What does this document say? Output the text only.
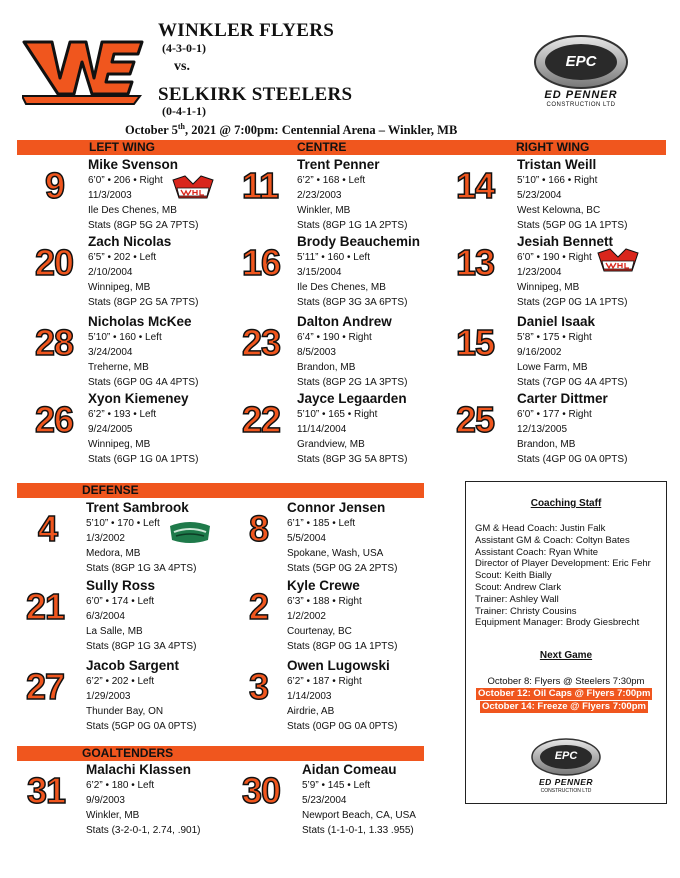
WINKLER FLYERS
(4-3-0-1)
vs.
SELKIRK STEELERS
(0-4-1-1)
EPC
ED PENNER
CONSTRUCTION LTD
October 5th, 2021 @ 7:00pm: Centennial Arena – Winkler, MB
LEFT WING	CENTRE	RIGHT WING
9
Mike Svenson
6’0” • 206 • Right
11/3/2003
Ile Des Chenes, MB
Stats (8GP 5G 2A 7PTS)
11
Trent Penner
6’2” • 168 • Left
2/23/2003
Winkler, MB
Stats (8GP 1G 1A 2PTS)
14
Tristan Weill
5’10” • 166 • Right
5/23/2004
West Kelowna, BC
Stats (5GP 0G 1A 1PTS)
20
Zach Nicolas
6’5” • 202 • Left
2/10/2004
Winnipeg, MB
Stats (8GP 2G 5A 7PTS)
16
Brody Beauchemin
5’11” • 160 • Left
3/15/2004
Ile Des Chenes, MB
Stats (8GP 3G 3A 6PTS)
13
Jesiah Bennett
6’0” • 190 • Right
1/23/2004
Winnipeg, MB
Stats (2GP 0G 1A 1PTS)
28
Nicholas McKee
5’10” • 160 • Left
3/24/2004
Treherne, MB
Stats (6GP 0G 4A 4PTS)
23
Dalton Andrew
6’4” • 190 • Right
8/5/2003
Brandon, MB
Stats (8GP 2G 1A 3PTS)
15
Daniel Isaak
5’8” • 175 • Right
9/16/2002
Lowe Farm, MB
Stats (7GP 0G 4A 4PTS)
26
Xyon Kiemeney
6’2” • 193 • Left
9/24/2005
Winnipeg, MB
Stats (6GP 1G 0A 1PTS)
22
Jayce Legaarden
5’10” • 165 • Right
11/14/2004
Grandview, MB
Stats (8GP 3G 5A 8PTS)
25
Carter Dittmer
6’0” • 177 • Right
12/13/2005
Brandon, MB
Stats (4GP 0G 0A 0PTS)
DEFENSE
4
Trent Sambrook
5’10” • 170 • Left
1/3/2002
Medora, MB
Stats (8GP 1G 3A 4PTS)
8
Connor Jensen
6’1” • 185 • Left
5/5/2004
Spokane, Wash, USA
Stats (5GP 0G 2A 2PTS)
21
Sully Ross
6’0” • 174 • Left
6/3/2004
La Salle, MB
Stats (8GP 1G 3A 4PTS)
2
Kyle Crewe
6’3” • 188 • Right
1/2/2002
Courtenay, BC
Stats (8GP 0G 1A 1PTS)
27
Jacob Sargent
6’2” • 202 • Left
1/29/2003
Thunder Bay, ON
Stats (5GP 0G 0A 0PTS)
3
Owen Lugowski
6’2” • 187 • Right
1/14/2003
Airdrie, AB
Stats (0GP 0G 0A 0PTS)
GOALTENDERS
31
Malachi Klassen
6’2” • 180 • Left
9/9/2003
Winkler, MB
Stats (3-2-0-1, 2.74, .901)
30
Aidan Comeau
5’9” • 145 • Left
5/23/2004
Newport Beach, CA, USA
Stats (1-1-0-1, 1.33 .955)
Coaching Staff
GM & Head Coach: Justin Falk
Assistant GM & Coach: Coltyn Bates
Assistant Coach: Ryan White
Director of Player Development: Eric Fehr
Scout: Keith Bially
Scout: Andrew Clark
Trainer: Ashley Wall
Trainer: Christy Cousins
Equipment Manager: Brody Giesbrecht
Next Game
October 8: Flyers @ Steelers 7:30pm
October 12: Oil Caps @ Flyers 7:00pm
October 14: Freeze @ Flyers 7:00pm
EPC
ED PENNER
CONSTRUCTION LTD
